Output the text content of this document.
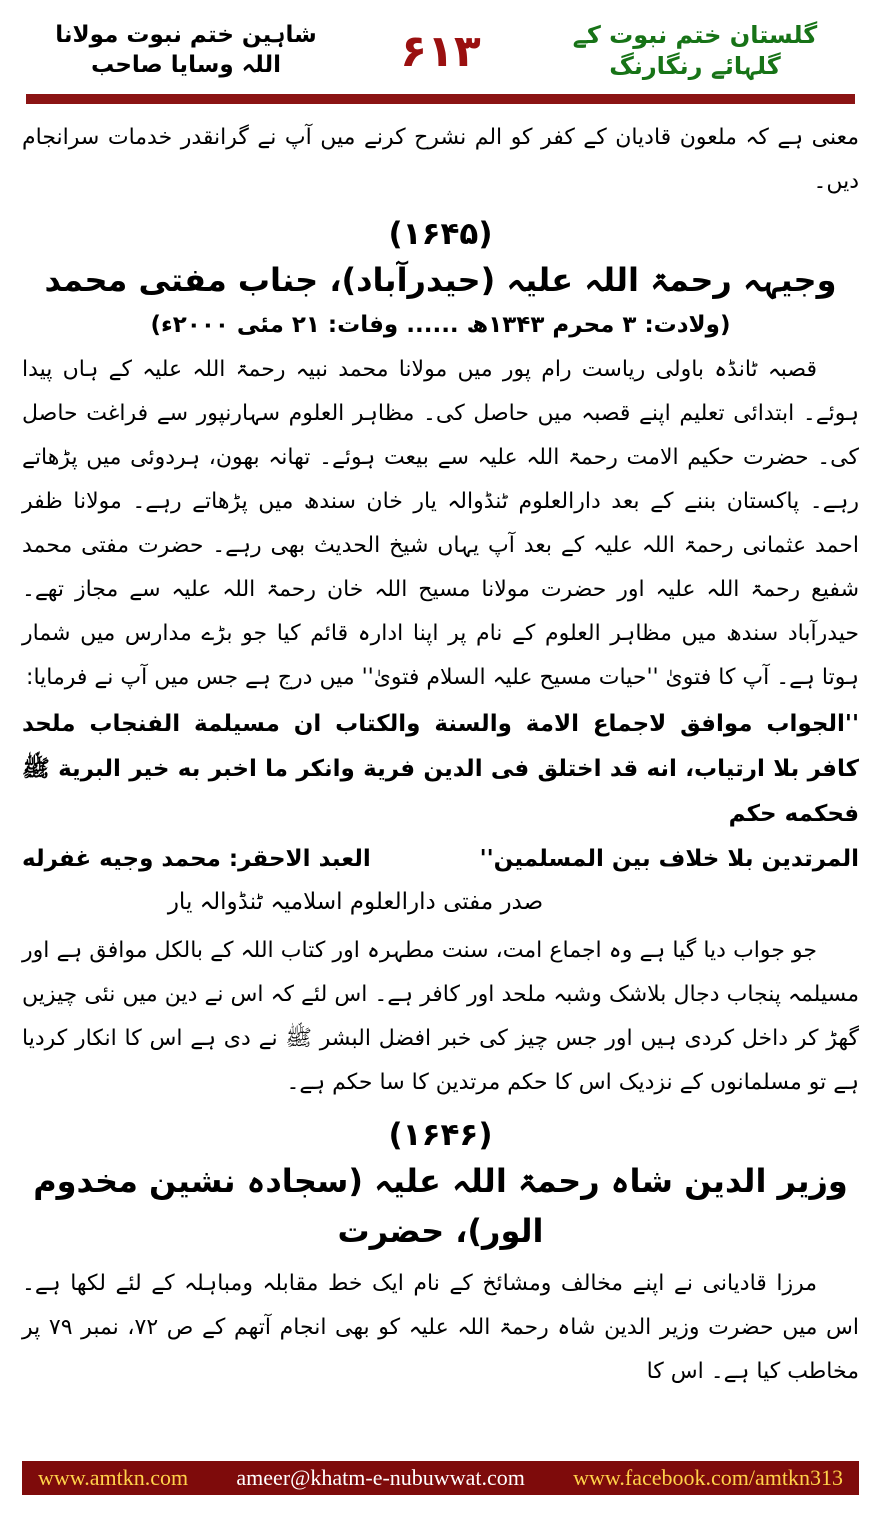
گلستان ختم نبوت کے گلہائے رنگارنگ
۶۱۳
شاہین ختم نبوت مولانا اللہ وسایا صاحب

معنی ہے کہ ملعون قادیان کے کفر کو الم نشرح کرنے میں آپ نے گرانقدر خدمات سرانجام دیں۔

(۱۶۴۵)
وجیہہ رحمۃ اللہ علیہ (حیدرآباد)، جناب مفتی محمد
(ولادت: ۳ محرم ۱۳۴۳ھ ...... وفات: ۲۱ مئی ۲۰۰۰ء)

قصبہ ٹانڈہ باولی ریاست رام پور میں مولانا محمد نبیہ رحمۃ اللہ علیہ کے ہاں پیدا ہوئے۔ ابتدائی تعلیم اپنے قصبہ میں حاصل کی۔ مظاہر العلوم سہارنپور سے فراغت حاصل کی۔ حضرت حکیم الامت رحمۃ اللہ علیہ سے بیعت ہوئے۔ تھانہ بھون، ہردوئی میں پڑھاتے رہے۔ پاکستان بننے کے بعد دارالعلوم ٹنڈوالہ یار خان سندھ میں پڑھاتے رہے۔ مولانا ظفر احمد عثمانی رحمۃ اللہ علیہ کے بعد آپ یہاں شیخ الحدیث بھی رہے۔ حضرت مفتی محمد شفیع رحمۃ اللہ علیہ اور حضرت مولانا مسیح اللہ خان رحمۃ اللہ علیہ سے مجاز تھے۔ حیدرآباد سندھ میں مظاہر العلوم کے نام پر اپنا ادارہ قائم کیا جو بڑے مدارس میں شمار ہوتا ہے۔ آپ کا فتویٰ ''حیات مسیح علیہ السلام فتویٰ'' میں درج ہے جس میں آپ نے فرمایا:

''الجواب موافق لاجماع الامة والسنة والكتاب ان مسيلمة الفنجاب ملحد كافر بلا ارتياب، انه قد اختلق فى الدين فرية وانكر ما اخبر به خير البرية ﷺ فحكمه حكم

المرتدين بلا خلاف بين المسلمين''
العبد الاحقر: محمد وجيه غفرله
صدر مفتی دارالعلوم اسلامیہ ٹنڈوالہ یار

جو جواب دیا گیا ہے وہ اجماع امت، سنت مطہرہ اور کتاب اللہ کے بالکل موافق ہے اور مسیلمہ پنجاب دجال بلاشک وشبہ ملحد اور کافر ہے۔ اس لئے کہ اس نے دین میں نئی چیزیں گھڑ کر داخل کردی ہیں اور جس چیز کی خبر افضل البشر ﷺ نے دی ہے اس کا انکار کردیا ہے تو مسلمانوں کے نزدیک اس کا حکم مرتدین کا سا حکم ہے۔

(۱۶۴۶)
وزیر الدین شاہ رحمۃ اللہ علیہ (سجادہ نشین مخدوم الور)، حضرت

مرزا قادیانی نے اپنے مخالف ومشائخ کے نام ایک خط مقابلہ ومباہلہ کے لئے لکھا ہے۔ اس میں حضرت وزیر الدین شاہ رحمۃ اللہ علیہ کو بھی انجام آتھم کے ص ۷۲، نمبر ۷۹ پر مخاطب کیا ہے۔ اس کا

www.amtkn.com ameer@khatm-e-nubuwwat.com www.facebook.com/amtkn313
